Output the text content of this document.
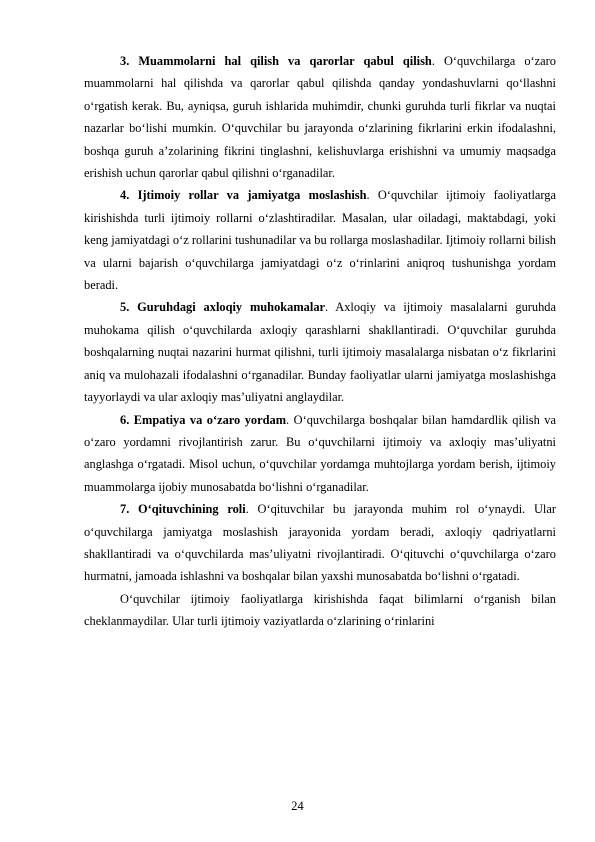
3. Muammolarni hal qilish va qarorlar qabul qilish. O‘quvchilarga o‘zaro muammolarni hal qilishda va qarorlar qabul qilishda qanday yondashuvlarni qo‘llashni o‘rgatish kerak. Bu, ayniqsa, guruh ishlarida muhimdir, chunki guruhda turli fikrlar va nuqtai nazarlar bo‘lishi mumkin. O‘quvchilar bu jarayonda o‘zlarining fikrlarini erkin ifodalashni, boshqa guruh a’zolarining fikrini tinglashni, kelishuvlarga erishishni va umumiy maqsadga erishish uchun qarorlar qabul qilishni o‘rganadilar.

4. Ijtimoiy rollar va jamiyatga moslashish. O‘quvchilar ijtimoiy faoliyatlarga kirishishda turli ijtimoiy rollarni o‘zlashtiradilar. Masalan, ular oiladagi, maktabdagi, yoki keng jamiyatdagi o‘z rollarini tushunadilar va bu rollarga moslashadilar. Ijtimoiy rollarni bilish va ularni bajarish o‘quvchilarga jamiyatdagi o‘z o‘rinlarini aniqroq tushunishga yordam beradi.

5. Guruhdagi axloqiy muhokamalar. Axloqiy va ijtimoiy masalalarni guruhda muhokama qilish o‘quvchilarda axloqiy qarashlarni shakllantiradi. O‘quvchilar guruhda boshqalarning nuqtai nazarini hurmat qilishni, turli ijtimoiy masalalarga nisbatan o‘z fikrlarini aniq va mulohazali ifodalashni o‘rganadilar. Bunday faoliyatlar ularni jamiyatga moslashishga tayyorlaydi va ular axloqiy mas’uliyatni anglaydilar.

6. Empatiya va o‘zaro yordam. O‘quvchilarga boshqalar bilan hamdardlik qilish va o‘zaro yordamni rivojlantirish zarur. Bu o‘quvchilarni ijtimoiy va axloqiy mas’uliyatni anglashga o‘rgatadi. Misol uchun, o‘quvchilar yordamga muhtojlarga yordam berish, ijtimoiy muammolarga ijobiy munosabatda bo‘lishni o‘rganadilar.

7. O‘qituvchining roli. O‘qituvchilar bu jarayonda muhim rol o‘ynaydi. Ular o‘quvchilarga jamiyatga moslashish jarayonida yordam beradi, axloqiy qadriyatlarni shakllantiradi va o‘quvchilarda mas’uliyatni rivojlantiradi. O‘qituvchi o‘quvchilarga o‘zaro hurmatni, jamoada ishlashni va boshqalar bilan yaxshi munosabatda bo‘lishni o‘rgatadi.

O‘quvchilar ijtimoiy faoliyatlarga kirishishda faqat bilimlarni o‘rganish bilan cheklanmaydilar. Ular turli ijtimoiy vaziyatlarda o‘zlarining o‘rinlarini

24
